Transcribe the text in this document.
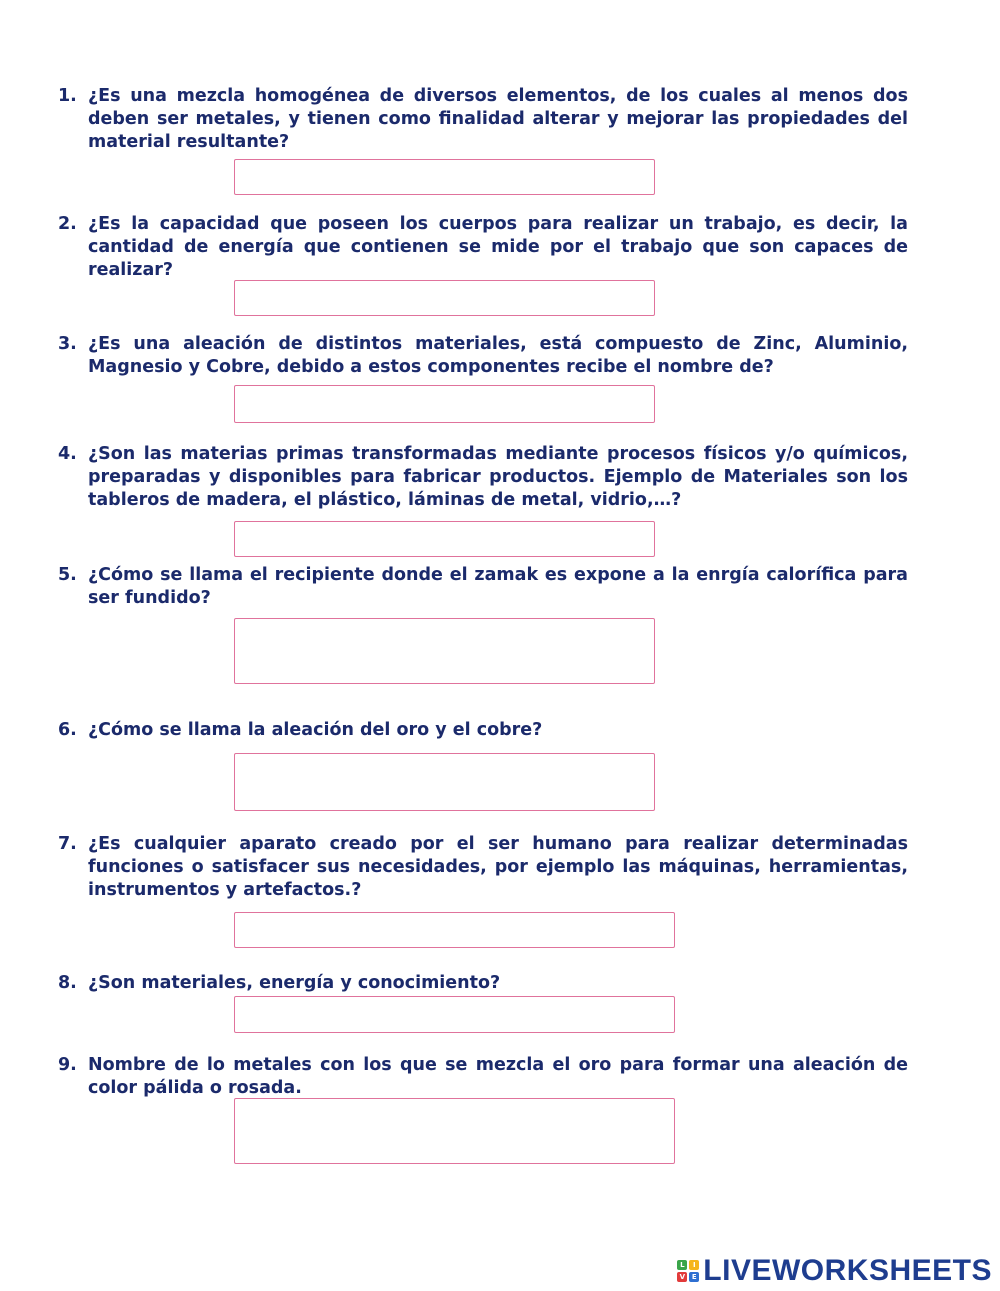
1. ¿Es una mezcla homogénea de diversos elementos, de los cuales al menos dos deben ser metales, y tienen como finalidad alterar y mejorar las propiedades del material resultante?
2. ¿Es la capacidad que poseen los cuerpos para realizar un trabajo, es decir, la cantidad de energía que contienen se mide por el trabajo que son capaces de realizar?
3. ¿Es una aleación de distintos materiales, está compuesto de Zinc, Aluminio, Magnesio y Cobre, debido a estos componentes recibe el nombre de?
4. ¿Son las materias primas transformadas mediante procesos físicos y/o químicos, preparadas y disponibles para fabricar productos. Ejemplo de Materiales son los tableros de madera, el plástico, láminas de metal, vidrio,…?
5. ¿Cómo se llama el recipiente donde el zamak es expone a la enrgía calorífica para ser fundido?
6. ¿Cómo se llama la aleación del oro y el cobre?
7. ¿Es cualquier aparato creado por el ser humano para realizar determinadas funciones o satisfacer sus necesidades, por ejemplo las máquinas, herramientas, instrumentos y artefactos.?
8. ¿Son materiales, energía y conocimiento?
9. Nombre de lo metales con los que se mezcla el oro para formar una aleación de color pálida o rosada.
L	I
V E LIVEWORKSHEETS
